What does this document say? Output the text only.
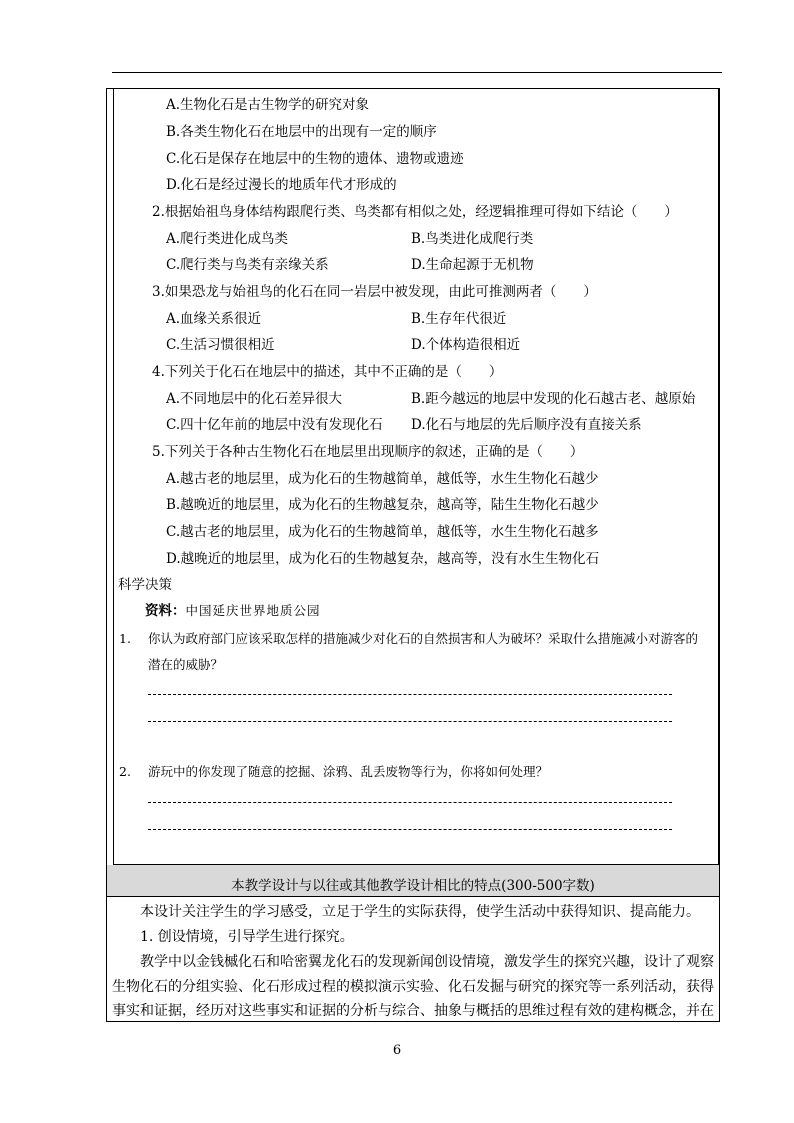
A.生物化石是古生物学的研究对象
B.各类生物化石在地层中的出现有一定的顺序
C.化石是保存在地层中的生物的遗体、遗物或遗迹
D.化石是经过漫长的地质年代才形成的
2.根据始祖鸟身体结构跟爬行类、鸟类都有相似之处，经逻辑推理可得如下结论（　　）
A.爬行类进化成鸟类	B.鸟类进化成爬行类
C.爬行类与鸟类有亲缘关系	D.生命起源于无机物
3.如果恐龙与始祖鸟的化石在同一岩层中被发现，由此可推测两者（　　）
A.血缘关系很近	B.生存年代很近
C.生活习惯很相近	D.个体构造很相近
4.下列关于化石在地层中的描述，其中不正确的是（　　）
A.不同地层中的化石差异很大	B.距今越远的地层中发现的化石越古老、越原始
C.四十亿年前的地层中没有发现化石 D.化石与地层的先后顺序没有直接关系
5.下列关于各种古生物化石在地层里出现顺序的叙述，正确的是（　　）
A.越古老的地层里，成为化石的生物越简单，越低等，水生生物化石越少
B.越晚近的地层里，成为化石的生物越复杂，越高等，陆生生物化石越少
C.越古老的地层里，成为化石的生物越简单，越低等，水生生物化石越多
D.越晚近的地层里，成为化石的生物越复杂，越高等，没有水生生物化石
科学决策
资料：中国延庆世界地质公园
1. 你认为政府部门应该采取怎样的措施减少对化石的自然损害和人为破坏？采取什么措施减小对游客的
潜在的威胁？
2. 游玩中的你发现了随意的挖掘、涂鸦、乱丢废物等行为，你将如何处理？
本教学设计与以往或其他教学设计相比的特点(300-500字数)
本设计关注学生的学习感受，立足于学生的实际获得，使学生活动中获得知识、提高能力。
1. 创设情境，引导学生进行探究。
教学中以金钱槭化石和哈密翼龙化石的发现新闻创设情境，激发学生的探究兴趣，设计了观察
生物化石的分组实验、化石形成过程的模拟演示实验、化石发掘与研究的探究等一系列活动，获得
事实和证据，经历对这些事实和证据的分析与综合、抽象与概括的思维过程有效的建构概念，并在
6
